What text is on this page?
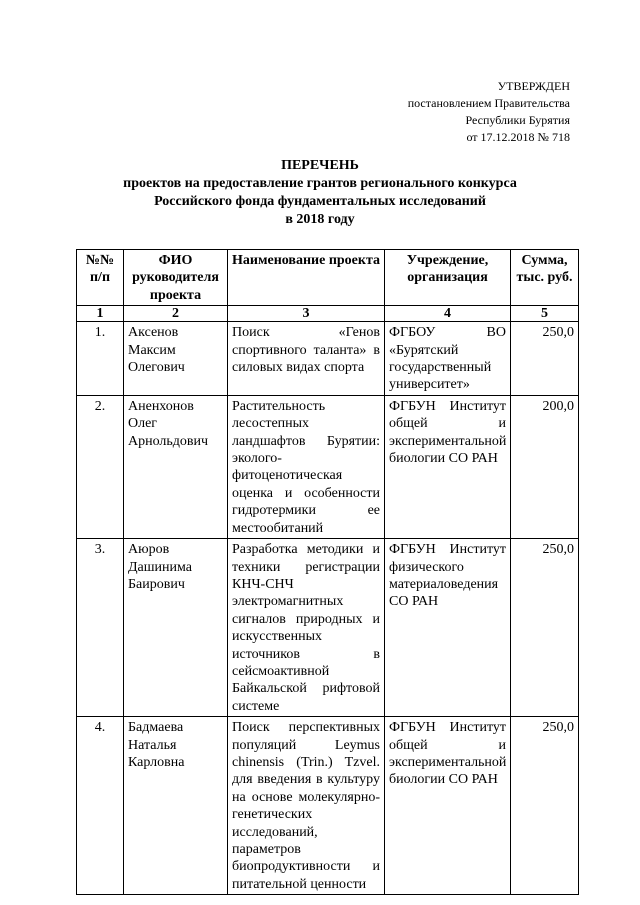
УТВЕРЖДЕН
постановлением Правительства
Республики Бурятия
от 17.12.2018 № 718
ПЕРЕЧЕНЬ
проектов на предоставление грантов регионального конкурса
Российского фонда фундаментальных исследований
в 2018 году
№№ п/п	ФИО руководителя проекта	Наименование проекта	Учреждение, организация	Сумма, тыс. руб.
1	2	3	4	5
1.	Аксенов Максим Олегович	Поиск «Генов спортивного таланта» в силовых видах спорта	ФГБОУ ВО «Бурятский государственный университет»	250,0
2.	Аненхонов Олег Арнольдович	Растительность лесостепных ландшафтов Бурятии: эколого-фитоценотическая оценка и особенности гидротермики ее местообитаний	ФГБУН Институт общей и экспериментальной биологии СО РАН	200,0
3.	Аюров Дашинима Баирович	Разработка методики и техники регистрации КНЧ-СНЧ электромагнитных сигналов природных и искусственных источников в сейсмоактивной Байкальской рифтовой системе	ФГБУН Институт физического материаловедения СО РАН	250,0
4.	Бадмаева Наталья Карловна	Поиск перспективных популяций Leymus chinensis (Trin.) Tzvel. для введения в культуру на основе молекулярно-генетических исследований, параметров биопродуктивности и питательной ценности	ФГБУН Институт общей и экспериментальной биологии СО РАН	250,0
